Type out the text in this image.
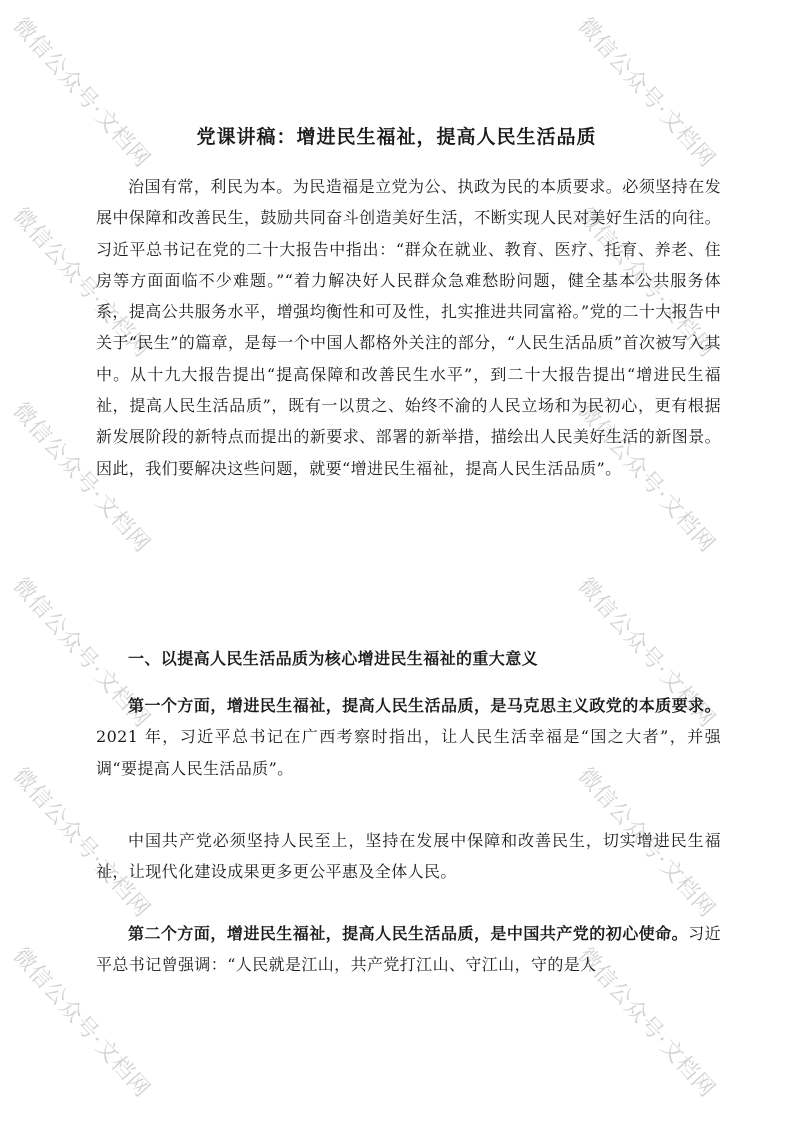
微信公众号·文档网	微信公众号·文档网
微信公众号·文档网	微信公众号·文档网
微信公众号·文档网	微信公众号·文档网
微信公众号·文档网	微信公众号·文档网
微信公众号·文档网	微信公众号·文档网
微信公众号·文档网	微信公众号·文档网
党课讲稿：增进民生福祉，提高人民生活品质

治国有常，利民为本。为民造福是立党为公、执政为民的本质要求。必须坚持在发展中保障和改善民生，鼓励共同奋斗创造美好生活，不断实现人民对美好生活的向往。习近平总书记在党的二十大报告中指出：“群众在就业、教育、医疗、托育、养老、住房等方面面临不少难题。”“着力解决好人民群众急难愁盼问题，健全基本公共服务体系，提高公共服务水平，增强均衡性和可及性，扎实推进共同富裕。”党的二十大报告中关于“民生”的篇章，是每一个中国人都格外关注的部分，“人民生活品质”首次被写入其中。从十九大报告提出“提高保障和改善民生水平”，到二十大报告提出“增进民生福祉，提高人民生活品质”，既有一以贯之、始终不渝的人民立场和为民初心，更有根据新发展阶段的新特点而提出的新要求、部署的新举措，描绘出人民美好生活的新图景。因此，我们要解决这些问题，就要“增进民生福祉，提高人民生活品质”。

一、以提高人民生活品质为核心增进民生福祉的重大意义

第一个方面，增进民生福祉，提高人民生活品质，是马克思主义政党的本质要求。2021 年，习近平总书记在广西考察时指出，让人民生活幸福是“国之大者”，并强调“要提高人民生活品质”。

中国共产党必须坚持人民至上，坚持在发展中保障和改善民生，切实增进民生福祉，让现代化建设成果更多更公平惠及全体人民。

第二个方面，增进民生福祉，提高人民生活品质，是中国共产党的初心使命。习近平总书记曾强调：“人民就是江山，共产党打江山、守江山，守的是人
